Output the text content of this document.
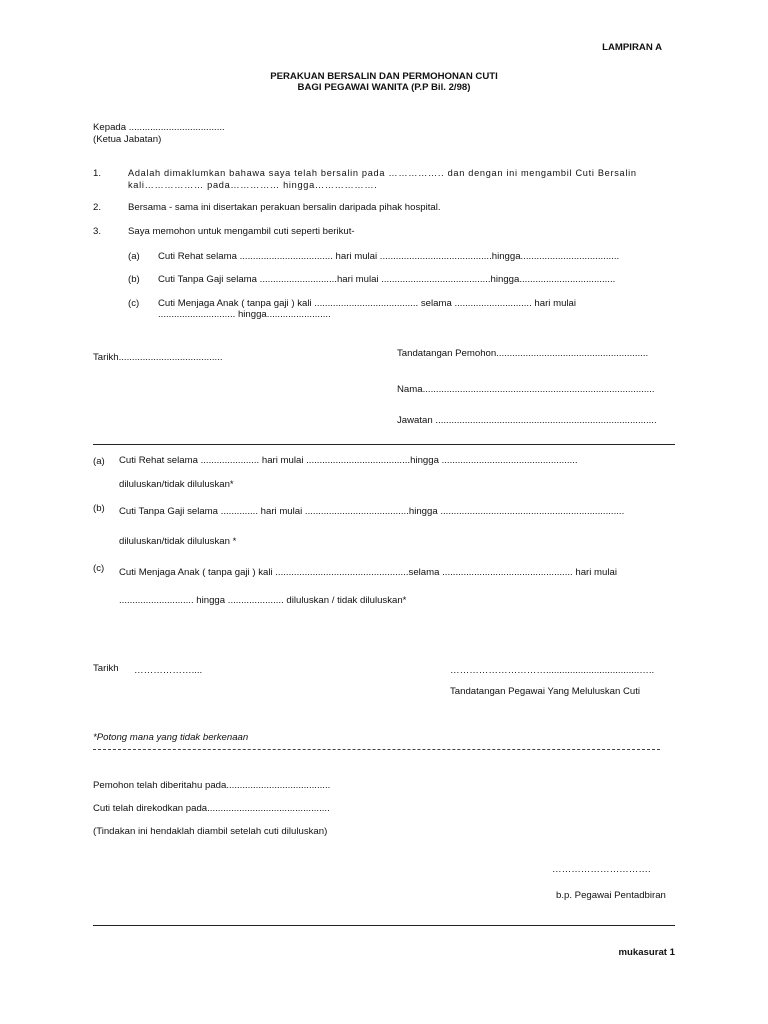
LAMPIRAN A
PERAKUAN BERSALIN DAN PERMOHONAN CUTI
BAGI PEGAWAI WANITA (P.P Bil. 2/98)
Kepada ....................................
(Ketua Jabatan)
1.	Adalah dimaklumkan bahawa saya telah bersalin pada …………….. dan dengan ini mengambil Cuti Bersalin
kali……………… pada…………… hingga……………….
2.	Bersama - sama ini disertakan perakuan bersalin daripada pihak hospital.
3.	Saya memohon untuk mengambil cuti seperti berikut-
(a) Cuti Rehat selama ................................... hari mulai ..........................................hingga.....................................
(b) Cuti Tanpa Gaji selama .............................hari mulai .........................................hingga....................................
(c) Cuti Menjaga Anak ( tanpa gaji ) kali ....................................... selama ............................. hari mulai
............................. hingga........................
Tarikh.......................................	Tandatangan Pemohon.........................................................
Nama.......................................................................................
Jawatan ...................................................................................
(a) Cuti Rehat selama ...................... hari mulai .......................................hingga ...................................................
diluluskan/tidak diluluskan*
(b) Cuti Tanpa Gaji selama .............. hari mulai .......................................hingga .....................................................................
diluluskan/tidak diluluskan *
(c) Cuti Menjaga Anak ( tanpa gaji ) kali ..................................................selama ................................................. hari mulai
............................ hingga ..................... diluluskan / tidak diluluskan*
Tarikh ………………....	…………………………...................................…..
Tandatangan Pegawai Yang Meluluskan Cuti
*Potong mana yang tidak berkenaan
Pemohon telah diberitahu pada.......................................
Cuti telah direkodkan pada..............................................
(Tindakan ini hendaklah diambil setelah cuti diluluskan)
………………………….
b.p. Pegawai Pentadbiran
mukasurat 1
